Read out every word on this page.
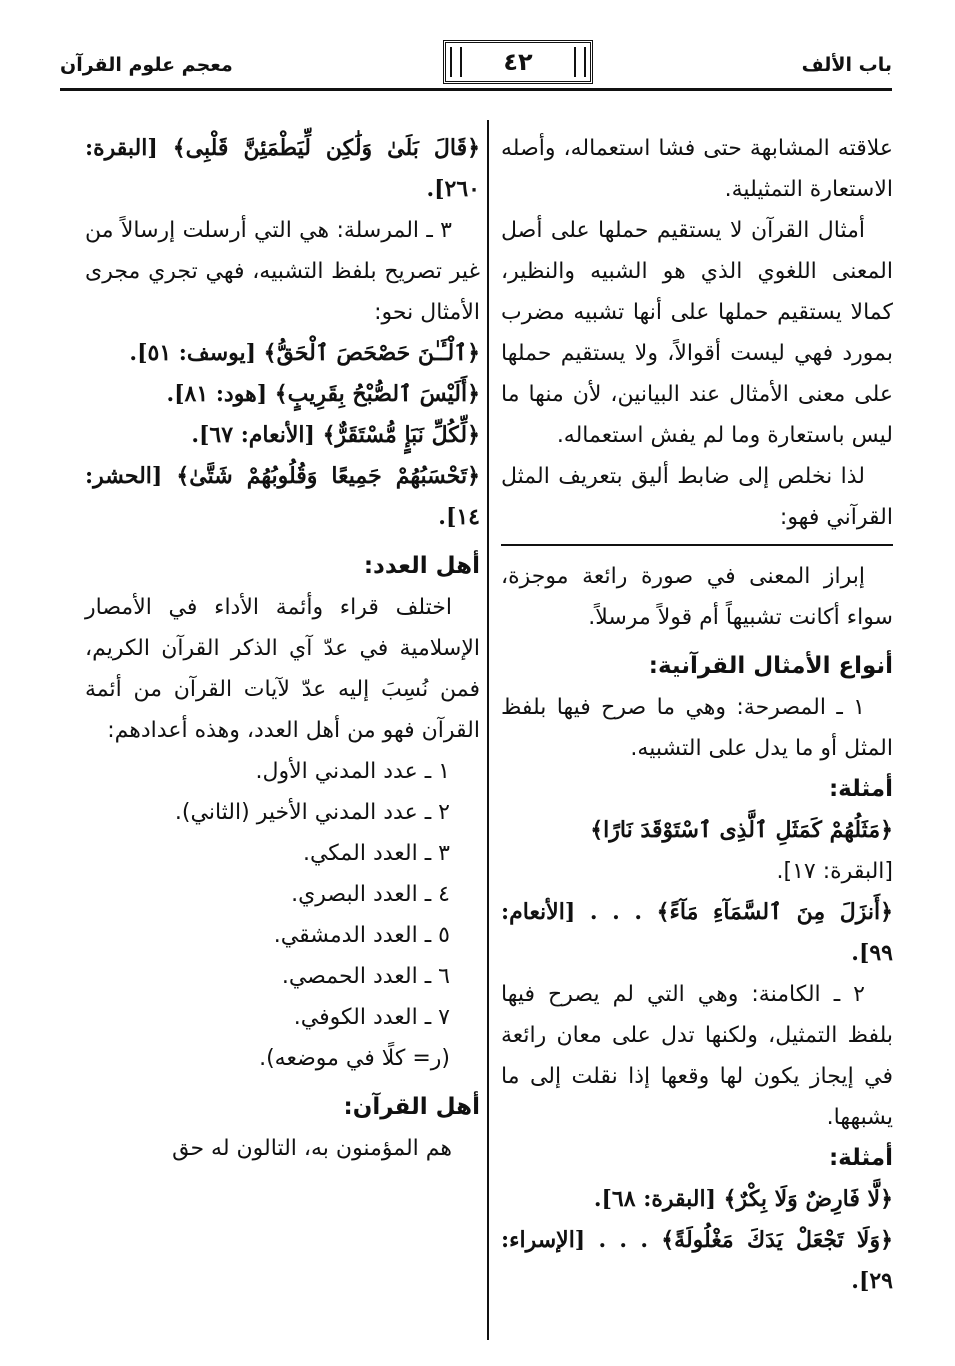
باب الألف
٤٢
معجم علوم القرآن

علاقته المشابهة حتى فشا استعماله، وأصله الاستعارة التمثيلية.

أمثال القرآن لا يستقيم حملها على أصل المعنى اللغوي الذي هو الشبيه والنظير، كمالا يستقيم حملها على أنها تشبيه مضرب بمورد فهي ليست أقوالاً، ولا يستقيم حملها على معنى الأمثال عند البيانين، لأن منها ما ليس باستعارة وما لم يفش استعماله.

لذا نخلص إلى ضابط أليق بتعريف المثل القرآني فهو:

إبراز المعنى في صورة رائعة موجزة، سواء أكانت تشبيهاً أم قولاً مرسلاً.

أنواع الأمثال القرآنية:

١ ـ المصرحة: وهي ما صرح فيها بلفظ المثل أو ما يدل على التشبيه.

أمثلة:

﴿مَثَلُهُمْ كَمَثَلِ ٱلَّذِى ٱسْتَوْقَدَ نَارًا﴾

[البقرة: ١٧].

﴿أَنزَلَ مِنَ ٱلسَّمَآءِ مَآءً﴾ . . . [الأنعام: ٩٩].

٢ ـ الكامنة: وهي التي لم يصرح فيها بلفظ التمثيل، ولكنها تدل على معان رائعة في إيجاز يكون لها وقعها إذا نقلت إلى ما يشبهها.

أمثلة:

﴿لَّا فَارِضٌ وَلَا بِكْرٌ﴾ [البقرة: ٦٨].

﴿وَلَا تَجْعَلْ يَدَكَ مَغْلُولَةً﴾ . . . [الإسراء: ٢٩].

﴿قَالَ بَلَىٰ وَلَٰكِن لِّيَطْمَئِنَّ قَلْبِى﴾ [البقرة: ٢٦٠].

٣ ـ المرسلة: هي التي أرسلت إرسالاً من غير تصريح بلفظ التشبيه، فهي تجري مجرى الأمثال نحو:

﴿ٱلْـَٔـٰنَ حَصْحَصَ ٱلْحَقُّ﴾ [يوسف: ٥١].

﴿أَلَيْسَ ٱلصُّبْحُ بِقَرِيبٍ﴾ [هود: ٨١].

﴿لِّكُلِّ نَبَإٍ مُّسْتَقَرٌّ﴾ [الأنعام: ٦٧].

﴿تَحْسَبُهُمْ جَمِيعًا وَقُلُوبُهُمْ شَتَّىٰ﴾ [الحشر: ١٤].

أهل العدد:

اختلف قراء وأئمة الأداء في الأمصار الإسلامية في عدّ آي الذكر القرآن الكريم، فمن نُسِبَ إليه عدّ لآيات القرآن من أئمة القرآن فهو من أهل العدد، وهذه أعدادهم:

١ ـ عدد المدني الأول.

٢ ـ عدد المدني الأخير (الثاني).

٣ ـ العدد المكي.

٤ ـ العدد البصري.

٥ ـ العدد الدمشقي.

٦ ـ العدد الحمصي.

٧ ـ العدد الكوفي.

(ر= كلًا في موضعه).

أهل القرآن:

هم المؤمنون به، التالون له حق
